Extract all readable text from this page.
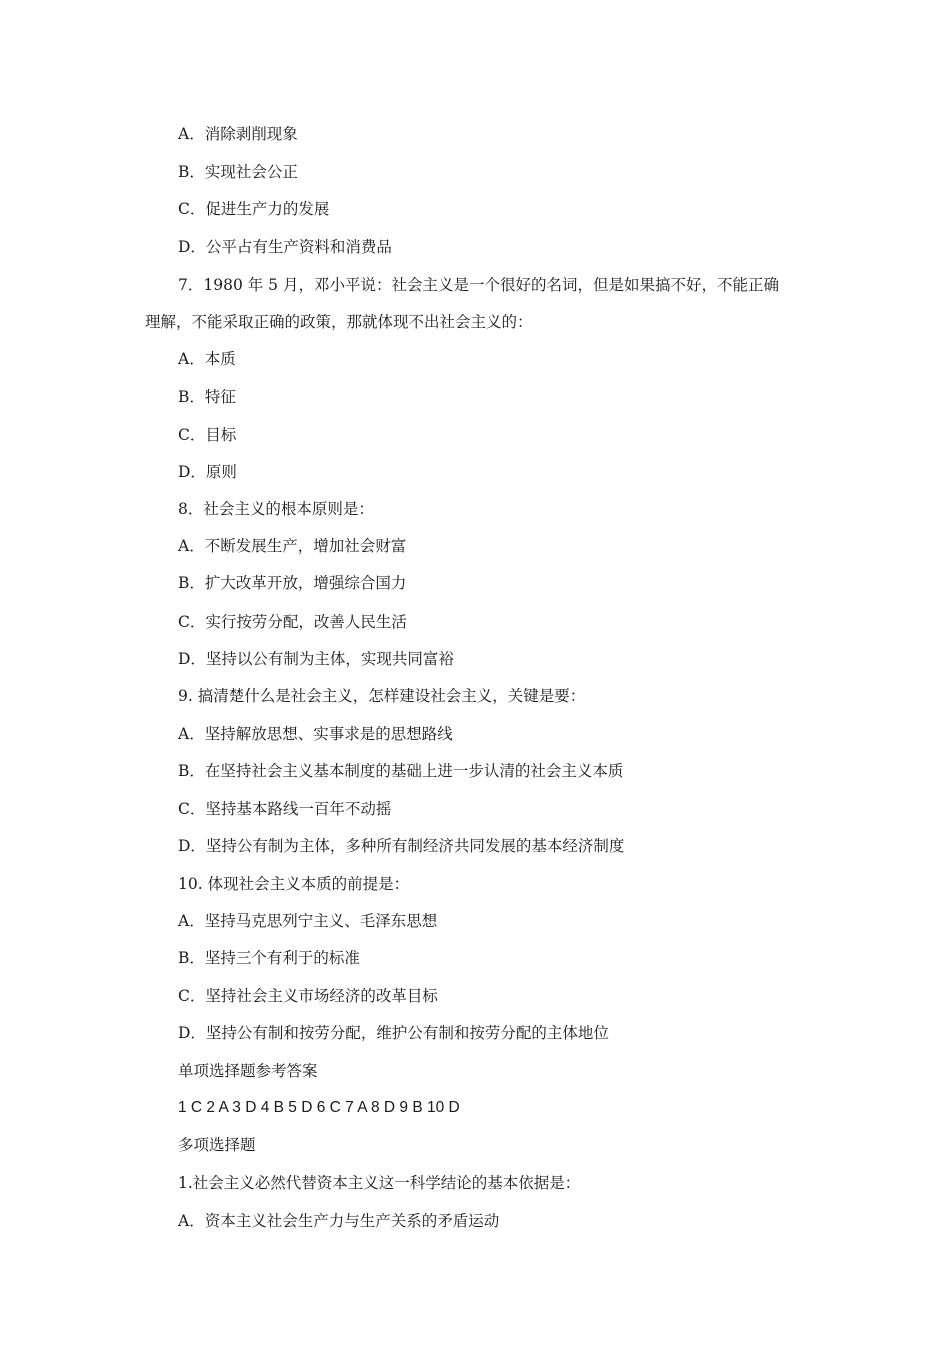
A．消除剥削现象
B．实现社会公正
C．促进生产力的发展
D．公平占有生产资料和消费品
7．1980 年 5 月，邓小平说：社会主义是一个很好的名词，但是如果搞不好，不能正确
理解，不能采取正确的政策，那就体现不出社会主义的：
A．本质
B．特征
C．目标
D．原则
8．社会主义的根本原则是：
A．不断发展生产，增加社会财富
B．扩大改革开放，增强综合国力
C．实行按劳分配，改善人民生活
D．坚持以公有制为主体，实现共同富裕
9. 搞清楚什么是社会主义，怎样建设社会主义，关键是要：
A．坚持解放思想、实事求是的思想路线
B．在坚持社会主义基本制度的基础上进一步认清的社会主义本质
C．坚持基本路线一百年不动摇
D．坚持公有制为主体，多种所有制经济共同发展的基本经济制度
10. 体现社会主义本质的前提是：
A．坚持马克思列宁主义、毛泽东思想
B．坚持三个有利于的标准
C．坚持社会主义市场经济的改革目标
D．坚持公有制和按劳分配，维护公有制和按劳分配的主体地位
单项选择题参考答案
1 C 2 A 3 D 4 B 5 D 6 C 7 A 8 D 9 B 10 D
多项选择题
1.社会主义必然代替资本主义这一科学结论的基本依据是：
A．资本主义社会生产力与生产关系的矛盾运动
